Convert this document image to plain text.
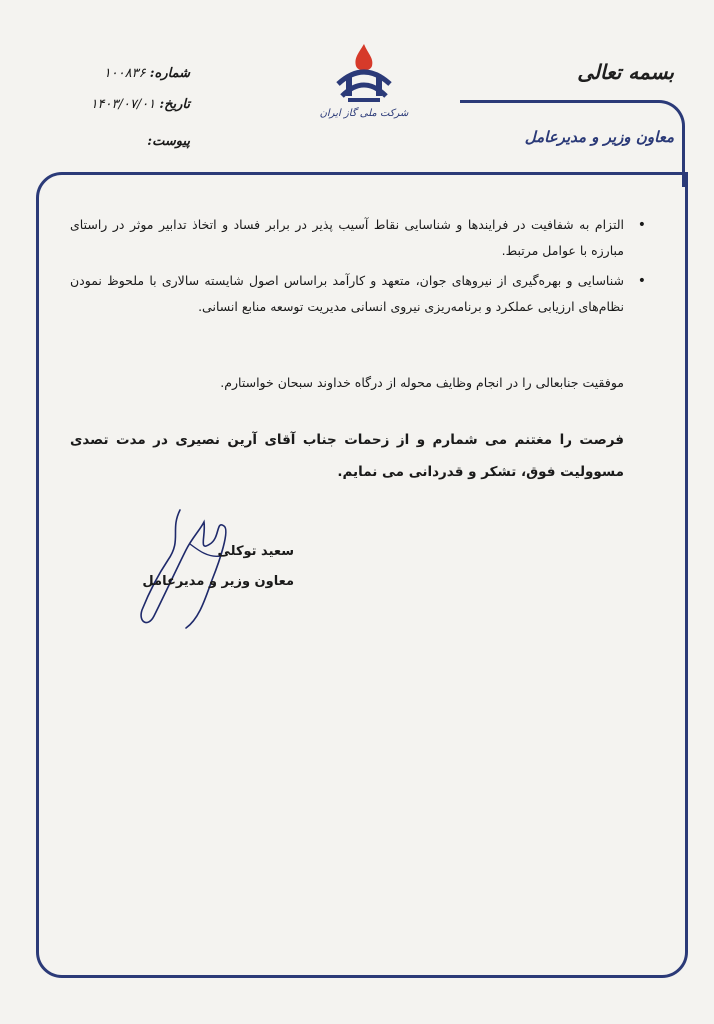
بسمه تعالی
معاون وزیر و مدیرعامل
شرکت ملی گاز ایران
شماره: ۱۰۰۸۳۶
تاریخ: ۱۴۰۳/۰۷/۰۱
پیوست:
•
التزام به شفافیت در فرایندها و شناسایی نقاط آسیب پذیر در برابر فساد و اتخاذ تدابیر موثر در راستای مبارزه با عوامل مرتبط.
•
شناسایی و بهره‌گیری از نیروهای جوان، متعهد و کارآمد براساس اصول شایسته سالاری با ملحوظ نمودن نظام‌های ارزیابی عملکرد و برنامه‌ریزی نیروی انسانی مدیریت توسعه منابع انسانی.
موفقیت جنابعالی را در انجام وظایف محوله از درگاه خداوند سبحان خواستارم.
فرصت را مغتنم می شمارم و از زحمات جناب آقای آرین نصیری در مدت تصدی مسوولیت فوق، تشکر و قدردانی می نمایم.
سعید توکلی
معاون وزیر و مدیرعامل
